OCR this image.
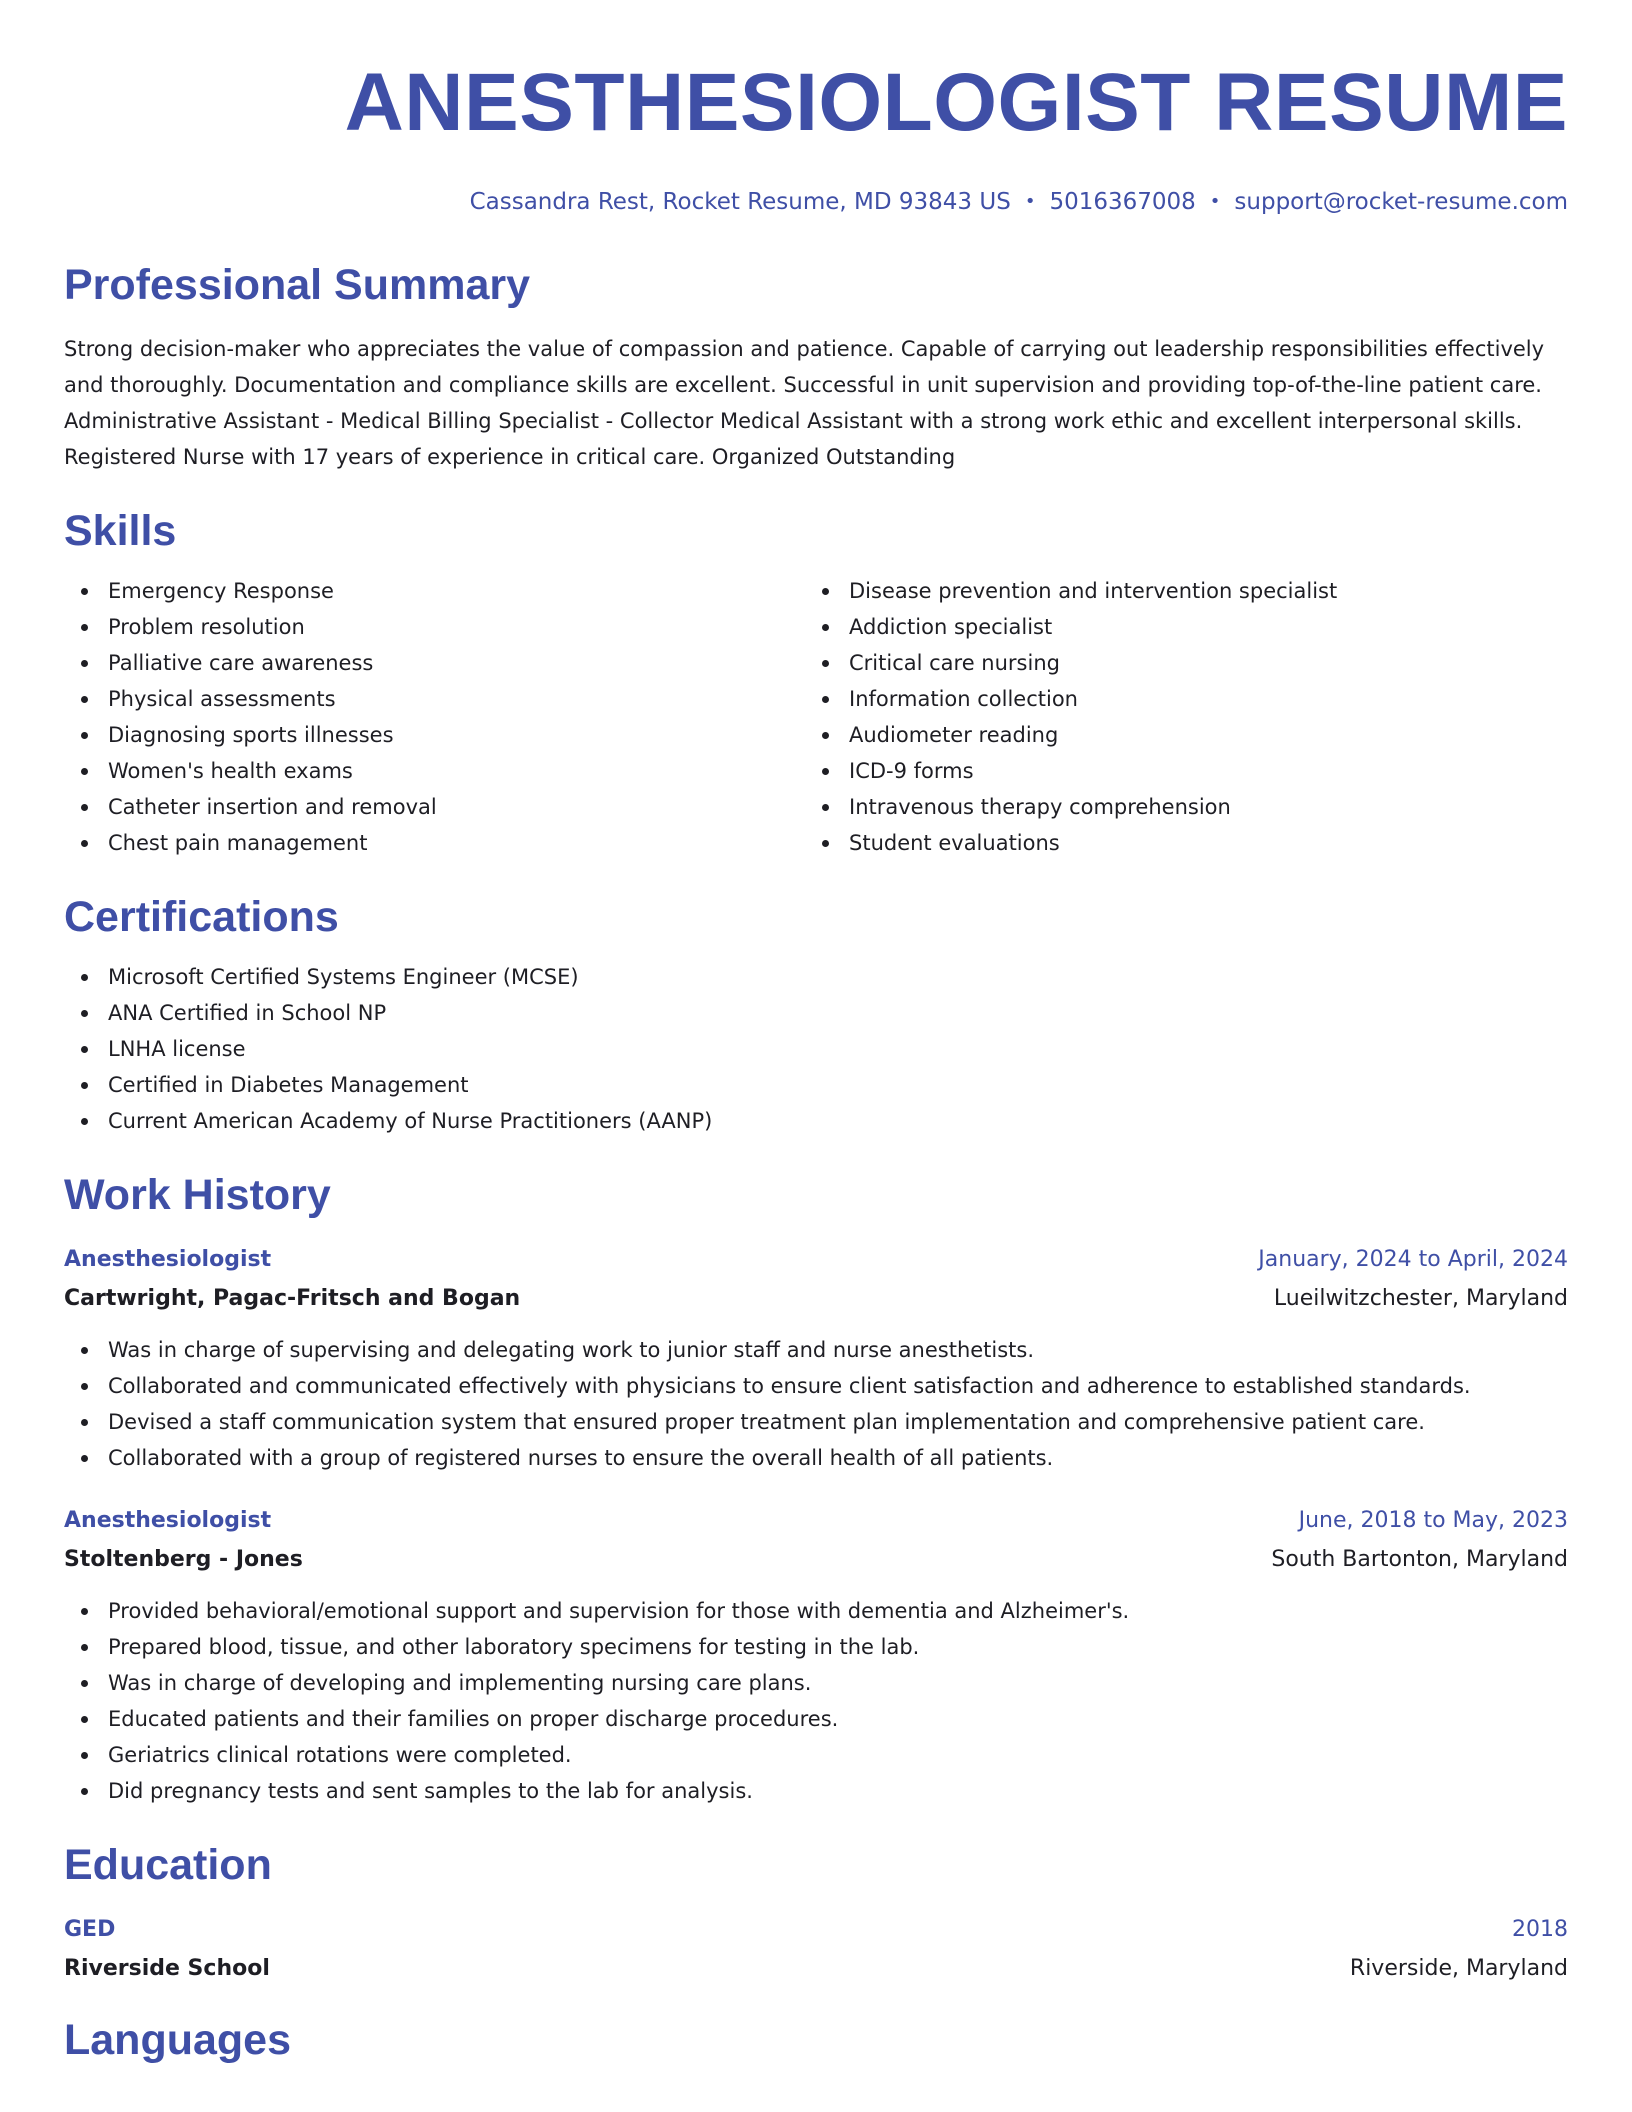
ANESTHESIOLOGIST RESUME
Cassandra Rest, Rocket Resume, MD 93843 US • 5016367008 • support@rocket-resume.com
Professional Summary

Strong decision-maker who appreciates the value of compassion and patience. Capable of carrying out leadership responsibilities effectively and thoroughly. Documentation and compliance skills are excellent. Successful in unit supervision and providing top-of-the-line patient care. Administrative Assistant - Medical Billing Specialist - Collector Medical Assistant with a strong work ethic and excellent interpersonal skills. Registered Nurse with 17 years of experience in critical care. Organized Outstanding

Skills
Emergency Response
Problem resolution
Palliative care awareness
Physical assessments
Diagnosing sports illnesses
Women's health exams
Catheter insertion and removal
Chest pain management
Disease prevention and intervention specialist
Addiction specialist
Critical care nursing
Information collection
Audiometer reading
ICD-9 forms
Intravenous therapy comprehension
Student evaluations
Certifications
Microsoft Certified Systems Engineer (MCSE)
ANA Certified in School NP
LNHA license
Certified in Diabetes Management
Current American Academy of Nurse Practitioners (AANP)
Work History
Anesthesiologist	January, 2024 to April, 2024
Cartwright, Pagac-Fritsch and Bogan	Lueilwitzchester, Maryland
Was in charge of supervising and delegating work to junior staff and nurse anesthetists.
Collaborated and communicated effectively with physicians to ensure client satisfaction and adherence to established standards.
Devised a staff communication system that ensured proper treatment plan implementation and comprehensive patient care.
Collaborated with a group of registered nurses to ensure the overall health of all patients.
Anesthesiologist	June, 2018 to May, 2023
Stoltenberg - Jones	South Bartonton, Maryland
Provided behavioral/emotional support and supervision for those with dementia and Alzheimer's.
Prepared blood, tissue, and other laboratory specimens for testing in the lab.
Was in charge of developing and implementing nursing care plans.
Educated patients and their families on proper discharge procedures.
Geriatrics clinical rotations were completed.
Did pregnancy tests and sent samples to the lab for analysis.
Education
GED	2018
Riverside School	Riverside, Maryland
Languages
